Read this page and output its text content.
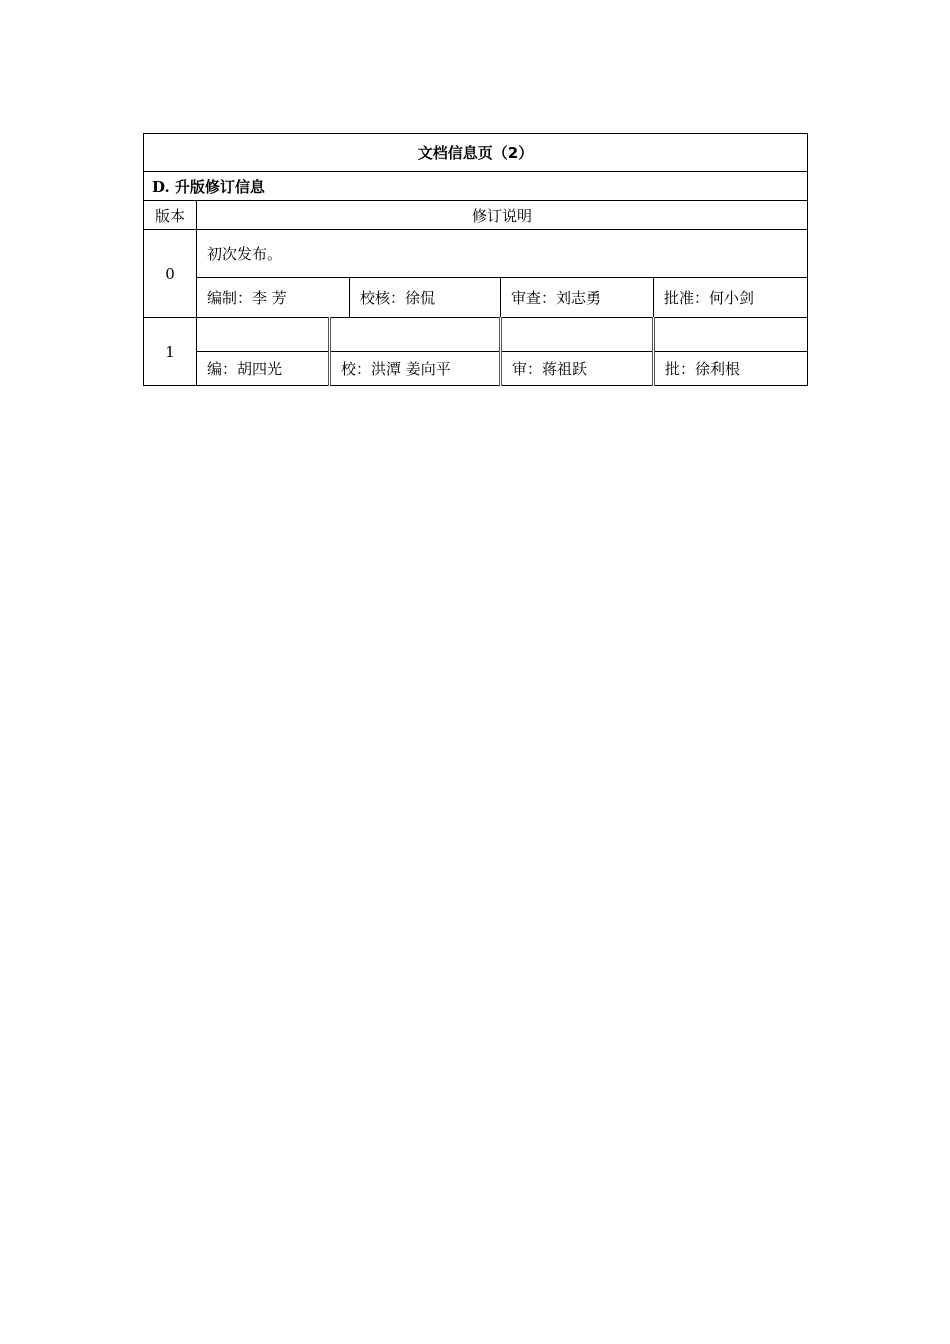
文档信息页（2）					
D. 升版修订信息					
版本	修订说明				
0	初次发布。				
	编制：李 芳		校核：徐侃	审查：刘志勇	批准：何小剑
1					
	编：胡四光	校：洪潭 姜向平		审：蒋祖跃	批：徐利根
